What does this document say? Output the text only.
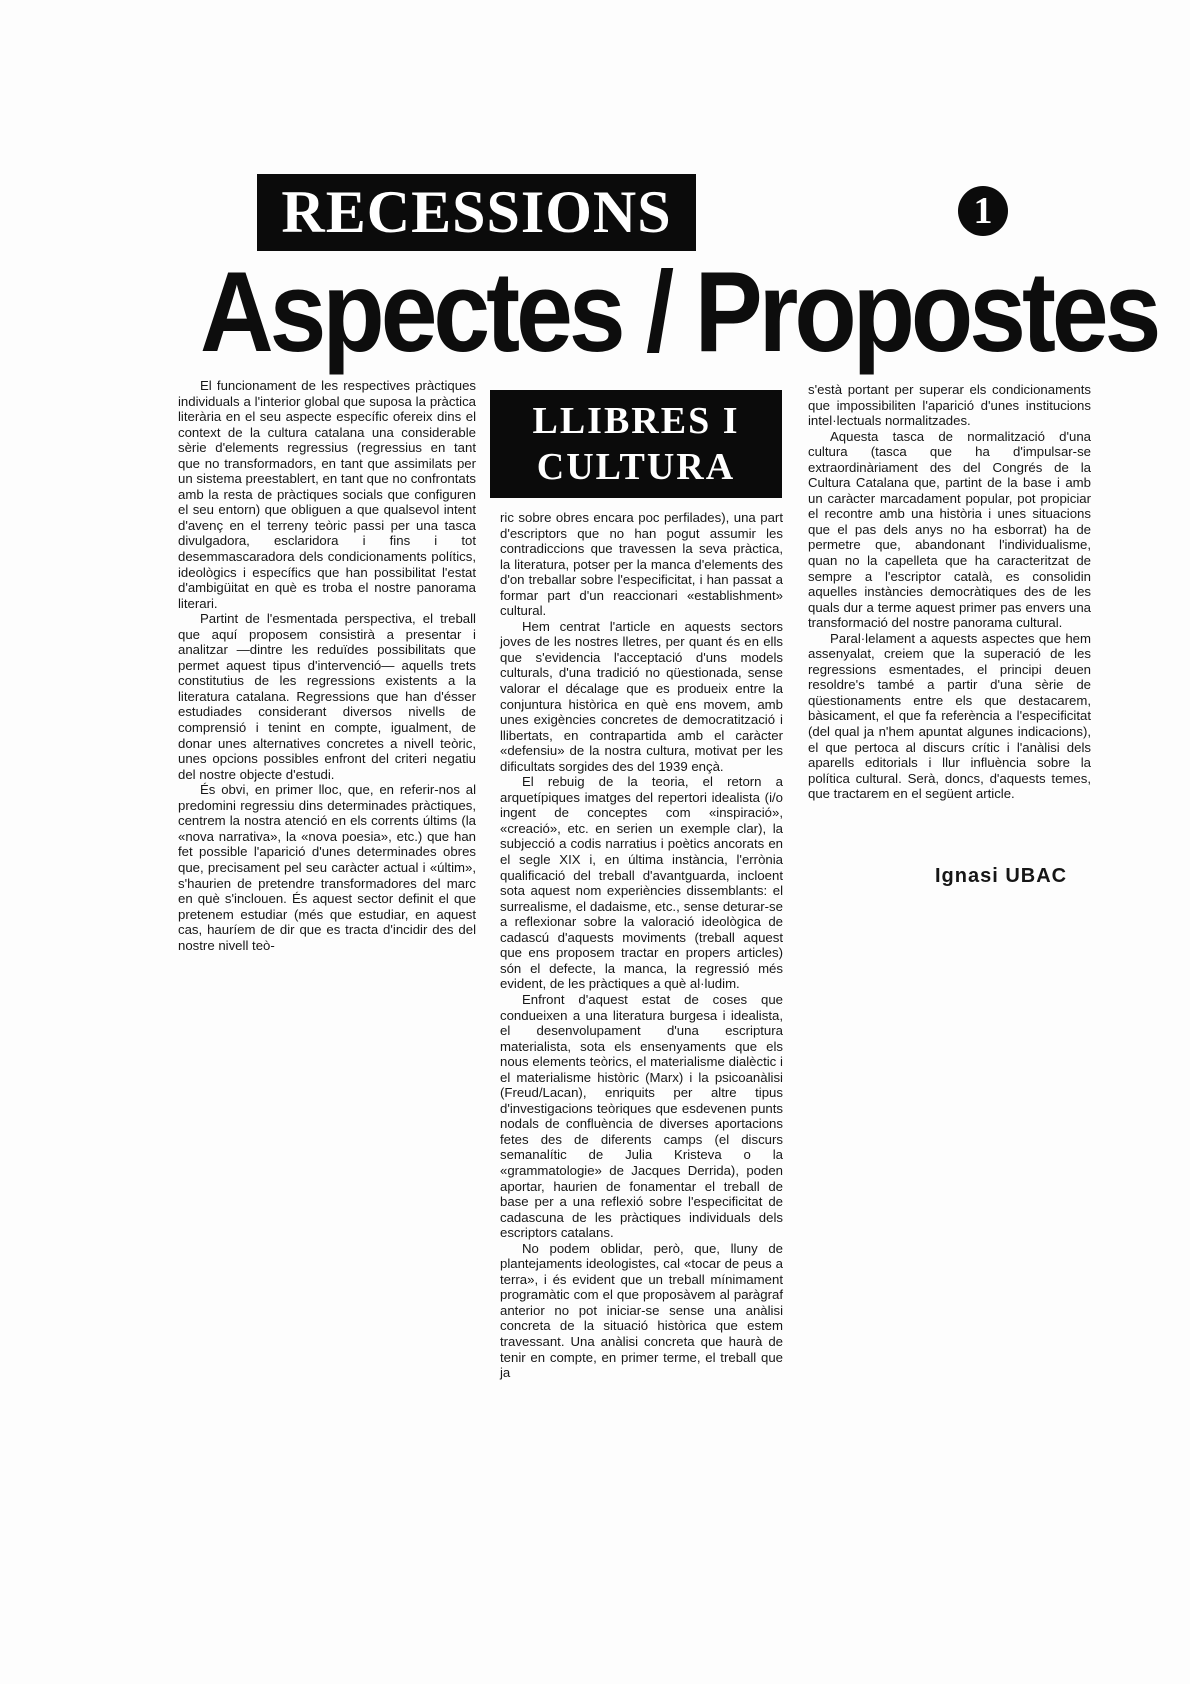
RECESSIONS	1
Aspectes / Propostes
LLIBRES I
CULTURA

El funcionament de les respectives pràctiques individuals a l'interior global que suposa la pràctica literària en el seu aspecte específic ofereix dins el context de la cultura catalana una considerable sèrie d'elements regressius (regressius en tant que no transformadors, en tant que assimilats per un sistema preestablert, en tant que no confrontats amb la resta de pràctiques socials que configuren el seu entorn) que obliguen a que qualsevol intent d'avenç en el terreny teòric passi per una tasca divulgadora, esclaridora i fins i tot desemmascaradora dels condicionaments polítics, ideològics i específics que han possibilitat l'estat d'ambigüitat en què es troba el nostre panorama literari.

Partint de l'esmentada perspectiva, el treball que aquí proposem consistirà a presentar i analitzar —dintre les reduïdes possibilitats que permet aquest tipus d'intervenció— aquells trets constitutius de les regressions existents a la literatura catalana. Regressions que han d'ésser estudiades considerant diversos nivells de comprensió i tenint en compte, igualment, de donar unes alternatives concretes a nivell teòric, unes opcions possibles enfront del criteri negatiu del nostre objecte d'estudi.

És obvi, en primer lloc, que, en referir-nos al predomini regressiu dins determinades pràctiques, centrem la nostra atenció en els corrents últims (la «nova narrativa», la «nova poesia», etc.) que han fet possible l'aparició d'unes determinades obres que, precisament pel seu caràcter actual i «últim», s'haurien de pretendre transformadores del marc en què s'inclouen. És aquest sector definit el que pretenem estudiar (més que estudiar, en aquest cas, hauríem de dir que es tracta d'incidir des del nostre nivell teò-

ric sobre obres encara poc perfilades), una part d'escriptors que no han pogut assumir les contradiccions que travessen la seva pràctica, la literatura, potser per la manca d'elements des d'on treballar sobre l'especificitat, i han passat a formar part d'un reaccionari «establishment» cultural.

Hem centrat l'article en aquests sectors joves de les nostres lletres, per quant és en ells que s'evidencia l'acceptació d'uns models culturals, d'una tradició no qüestionada, sense valorar el décalage que es produeix entre la conjuntura històrica en què ens movem, amb unes exigències concretes de democratització i llibertats, en contrapartida amb el caràcter «defensiu» de la nostra cultura, motivat per les dificultats sorgides des del 1939 ençà.

El rebuig de la teoria, el retorn a arquetípiques imatges del repertori idealista (i/o ingent de conceptes com «inspiració», «creació», etc. en serien un exemple clar), la subjecció a codis narratius i poètics ancorats en el segle XIX i, en última instància, l'errònia qualificació del treball d'avantguarda, incloent sota aquest nom experiències dissemblants: el surrealisme, el dadaisme, etc., sense deturar-se a reflexionar sobre la valoració ideològica de cadascú d'aquests moviments (treball aquest que ens proposem tractar en propers articles) són el defecte, la manca, la regressió més evident, de les pràctiques a què al·ludim.

Enfront d'aquest estat de coses que condueixen a una literatura burgesa i idealista, el desenvolupament d'una escriptura materialista, sota els ensenyaments que els nous elements teòrics, el materialisme dialèctic i el materialisme històric (Marx) i la psicoanàlisi (Freud/Lacan), enriquits per altre tipus d'investigacions teòriques que esdevenen punts nodals de confluència de diverses aportacions fetes des de diferents camps (el discurs semanalític de Julia Kristeva o la «grammatologie» de Jacques Derrida), poden aportar, haurien de fonamentar el treball de base per a una reflexió sobre l'especificitat de cadascuna de les pràctiques individuals dels escriptors catalans.

No podem oblidar, però, que, lluny de plantejaments ideologistes, cal «tocar de peus a terra», i és evident que un treball mínimament programàtic com el que proposàvem al paràgraf anterior no pot iniciar-se sense una anàlisi concreta de la situació històrica que estem travessant. Una anàlisi concreta que haurà de tenir en compte, en primer terme, el treball que ja

s'està portant per superar els condicionaments que impossibiliten l'aparició d'unes institucions intel·lectuals normalitzades.

Aquesta tasca de normalització d'una cultura (tasca que ha d'impulsar-se extraordinàriament des del Congrés de la Cultura Catalana que, partint de la base i amb un caràcter marcadament popular, pot propiciar el recontre amb una història i unes situacions que el pas dels anys no ha esborrat) ha de permetre que, abandonant l'individualisme, quan no la capelleta que ha caracteritzat de sempre a l'escriptor català, es consolidin aquelles instàncies democràtiques des de les quals dur a terme aquest primer pas envers una transformació del nostre panorama cultural.

Paral·lelament a aquests aspectes que hem assenyalat, creiem que la superació de les regressions esmentades, el principi deuen resoldre's també a partir d'una sèrie de qüestionaments entre els que destacarem, bàsicament, el que fa referència a l'especificitat (del qual ja n'hem apuntat algunes indicacions), el que pertoca al discurs crític i l'anàlisi dels aparells editorials i llur influència sobre la política cultural. Serà, doncs, d'aquests temes, que tractarem en el següent article.

Ignasi UBAC
